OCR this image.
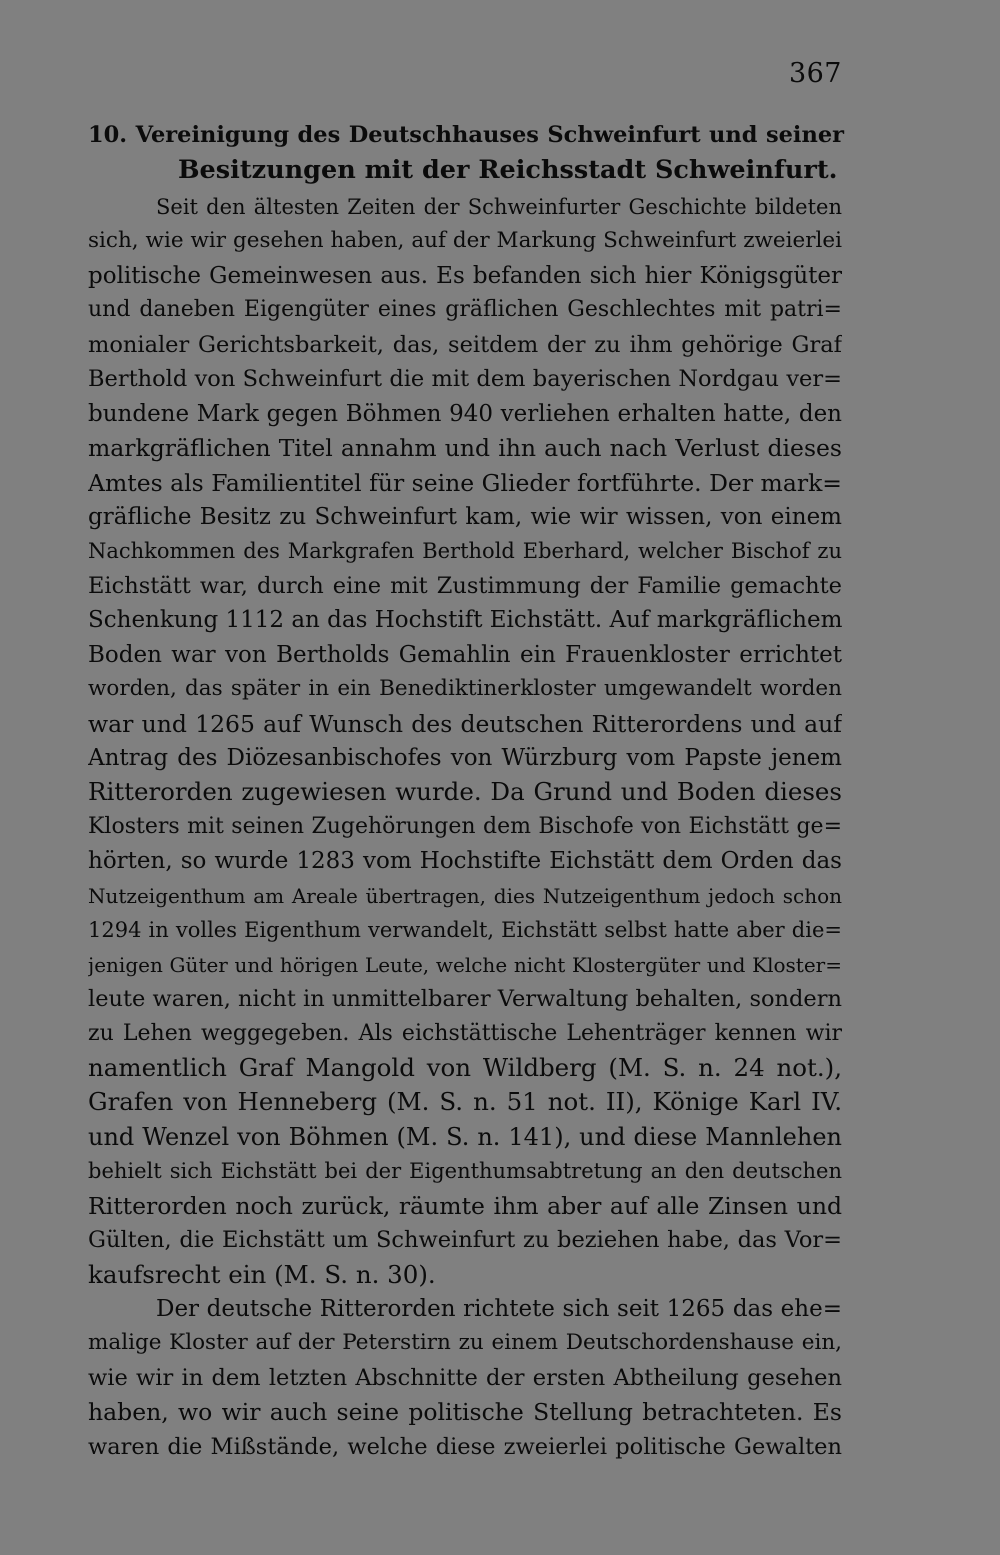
367
10. Vereinigung des Deutschhauses Schweinfurt und seiner
Besitzungen mit der Reichsstadt Schweinfurt.
Seit den ältesten Zeiten der Schweinfurter Geschichte bildeten
sich, wie wir gesehen haben, auf der Markung Schweinfurt zweierlei
politische Gemeinwesen aus. Es befanden sich hier Königsgüter
und daneben Eigengüter eines gräflichen Geschlechtes mit patri=
monialer Gerichtsbarkeit, das, seitdem der zu ihm gehörige Graf
Berthold von Schweinfurt die mit dem bayerischen Nordgau ver=
bundene Mark gegen Böhmen 940 verliehen erhalten hatte, den
markgräflichen Titel annahm und ihn auch nach Verlust dieses
Amtes als Familientitel für seine Glieder fortführte. Der mark=
gräfliche Besitz zu Schweinfurt kam, wie wir wissen, von einem
Nachkommen des Markgrafen Berthold Eberhard, welcher Bischof zu
Eichstätt war, durch eine mit Zustimmung der Familie gemachte
Schenkung 1112 an das Hochstift Eichstätt. Auf markgräflichem
Boden war von Bertholds Gemahlin ein Frauenkloster errichtet
worden, das später in ein Benediktinerkloster umgewandelt worden
war und 1265 auf Wunsch des deutschen Ritterordens und auf
Antrag des Diözesanbischofes von Würzburg vom Papste jenem
Ritterorden zugewiesen wurde. Da Grund und Boden dieses
Klosters mit seinen Zugehörungen dem Bischofe von Eichstätt ge=
hörten, so wurde 1283 vom Hochstifte Eichstätt dem Orden das
Nutzeigenthum am Areale übertragen, dies Nutzeigenthum jedoch schon
1294 in volles Eigenthum verwandelt, Eichstätt selbst hatte aber die=
jenigen Güter und hörigen Leute, welche nicht Klostergüter und Kloster=
leute waren, nicht in unmittelbarer Verwaltung behalten, sondern
zu Lehen weggegeben. Als eichstättische Lehenträger kennen wir
namentlich Graf Mangold von Wildberg (M. S. n. 24 not.),
Grafen von Henneberg (M. S. n. 51 not. II), Könige Karl IV.
und Wenzel von Böhmen (M. S. n. 141), und diese Mannlehen
behielt sich Eichstätt bei der Eigenthumsabtretung an den deutschen
Ritterorden noch zurück, räumte ihm aber auf alle Zinsen und
Gülten, die Eichstätt um Schweinfurt zu beziehen habe, das Vor=
kaufsrecht ein (M. S. n. 30).
Der deutsche Ritterorden richtete sich seit 1265 das ehe=
malige Kloster auf der Peterstirn zu einem Deutschordenshause ein,
wie wir in dem letzten Abschnitte der ersten Abtheilung gesehen
haben, wo wir auch seine politische Stellung betrachteten. Es
waren die Mißstände, welche diese zweierlei politische Gewalten
